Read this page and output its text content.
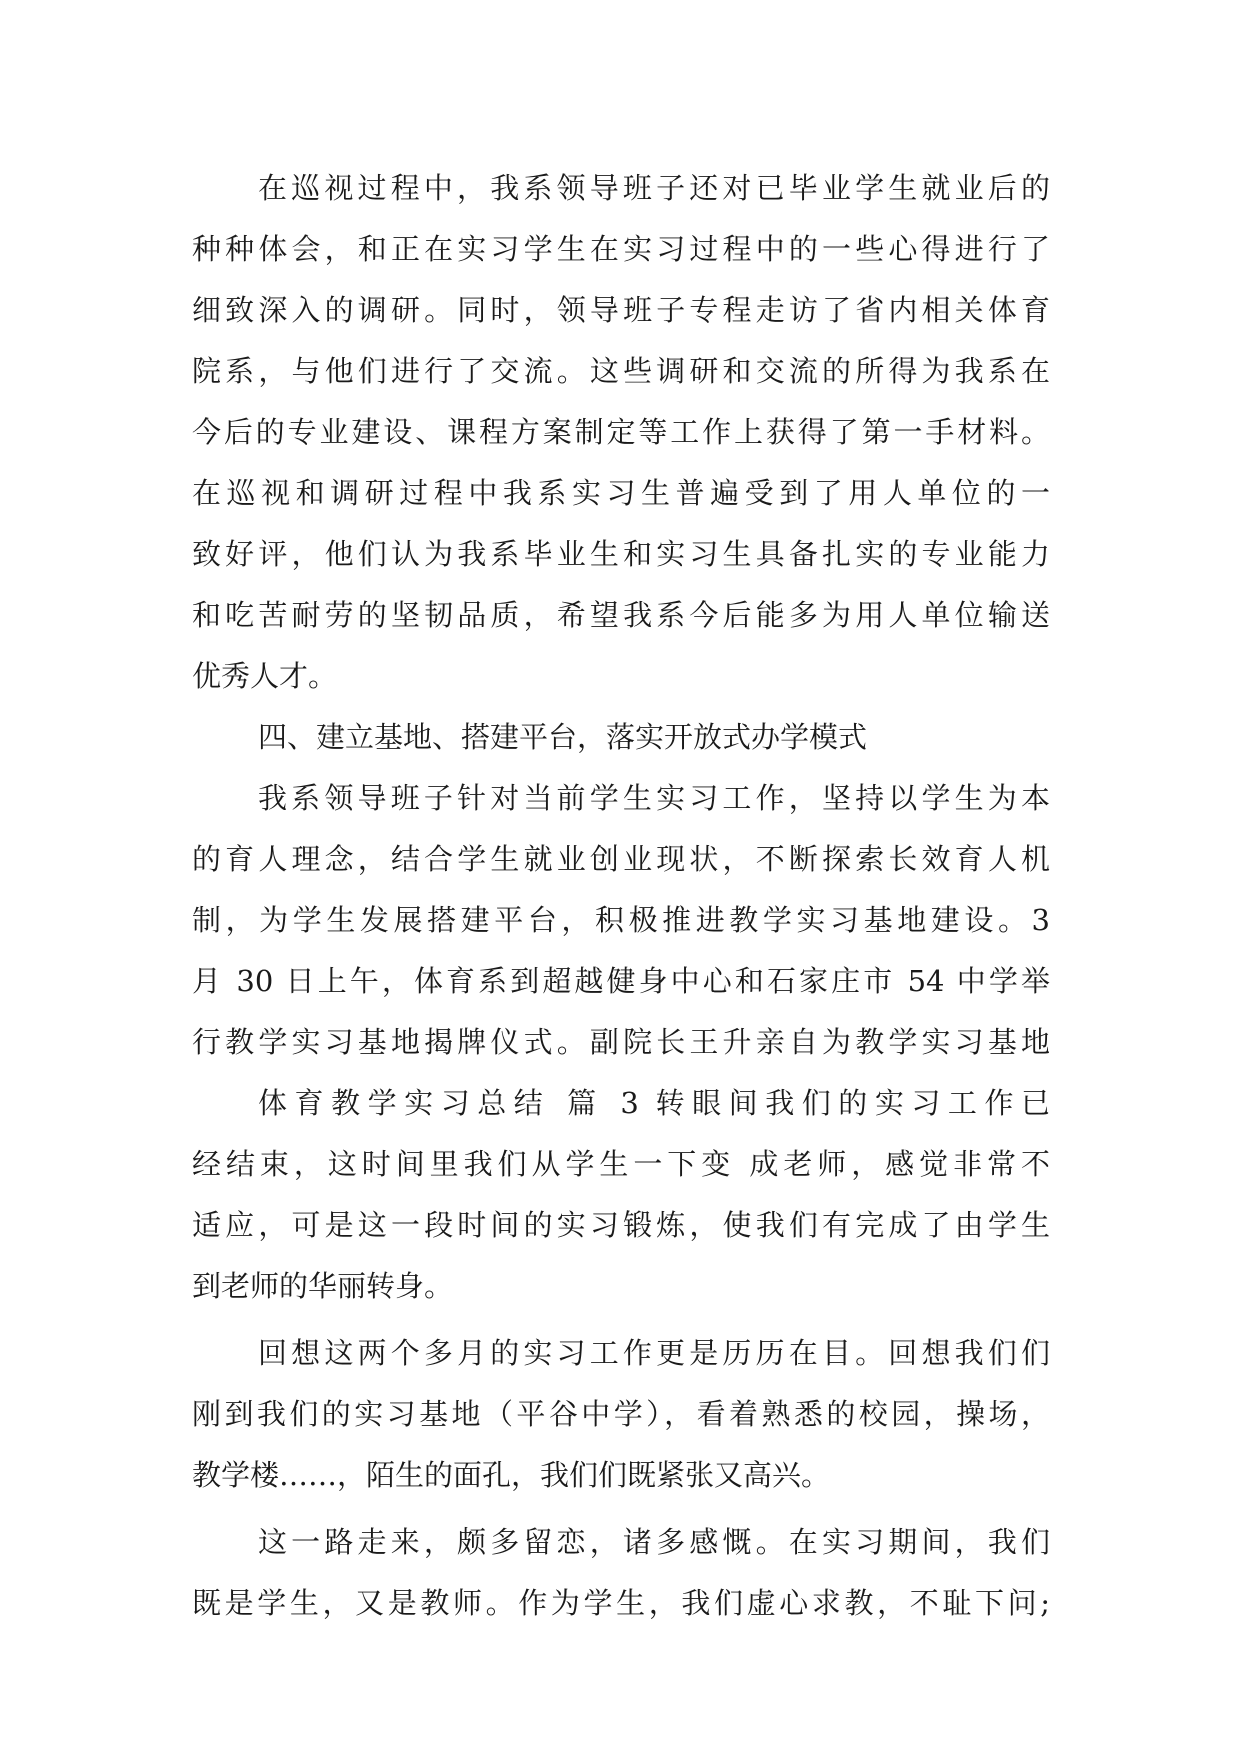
在巡视过程中，我系领导班子还对已毕业学生就业后的
种种体会，和正在实习学生在实习过程中的一些心得进行了
细致深入的调研。同时，领导班子专程走访了省内相关体育
院系，与他们进行了交流。这些调研和交流的所得为我系在
今后的专业建设、课程方案制定等工作上获得了第一手材料。
在巡视和调研过程中我系实习生普遍受到了用人单位的一
致好评，他们认为我系毕业生和实习生具备扎实的专业能力
和吃苦耐劳的坚韧品质，希望我系今后能多为用人单位输送
优秀人才。
四、建立基地、搭建平台，落实开放式办学模式
我系领导班子针对当前学生实习工作，坚持以学生为本
的育人理念，结合学生就业创业现状，不断探索长效育人机
制，为学生发展搭建平台，积极推进教学实习基地建设。3
月 30 日上午，体育系到超越健身中心和石家庄市 54 中学举
行教学实习基地揭牌仪式。副院长王升亲自为教学实习基地
体育教学实习总结 篇 3 转眼间我们的实习工作已
经结束，这时间里我们从学生一下变 成老师，感觉非常不
适应，可是这一段时间的实习锻炼，使我们有完成了由学生
到老师的华丽转身。
回想这两个多月的实习工作更是历历在目。回想我们们
刚到我们的实习基地（平谷中学），看着熟悉的校园，操场，
教学楼……，陌生的面孔，我们们既紧张又高兴。
这一路走来，颇多留恋，诸多感慨。在实习期间，我们
既是学生，又是教师。作为学生，我们虚心求教，不耻下问;
